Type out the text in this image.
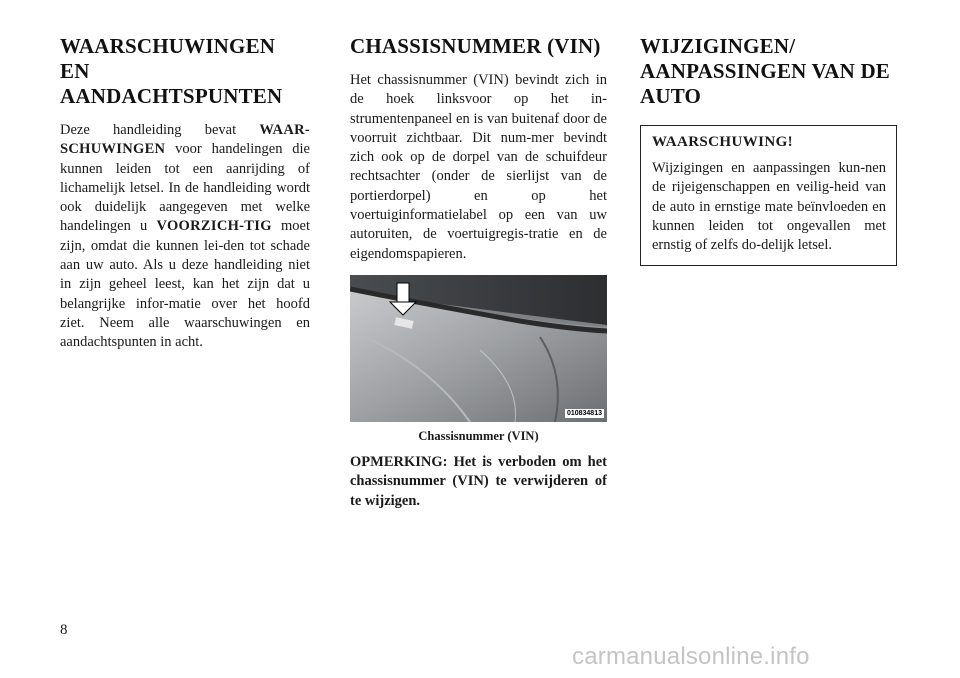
WAARSCHUWINGEN EN
AANDACHTSPUNTEN

Deze handleiding bevat WAAR-SCHUWINGEN voor handelingen die kunnen leiden tot een aanrijding of lichamelijk letsel. In de handleiding wordt ook duidelijk aangegeven met welke handelingen u VOORZICH-TIG moet zijn, omdat die kunnen lei-den tot schade aan uw auto. Als u deze handleiding niet in zijn geheel leest, kan het zijn dat u belangrijke infor-matie over het hoofd ziet. Neem alle waarschuwingen en aandachtspunten in acht.

CHASSISNUMMER (VIN)

Het chassisnummer (VIN) bevindt zich in de hoek linksvoor op het in-strumentenpaneel en is van buitenaf door de voorruit zichtbaar. Dit num-mer bevindt zich ook op de dorpel van de schuifdeur rechtsachter (onder de sierlijst van de portierdorpel) en op het voertuiginformatielabel op een van uw autoruiten, de voertuigregis-tratie en de eigendomspapieren.

010834813
Chassisnummer (VIN)
OPMERKING: Het is verboden om het chassisnummer (VIN) te verwijderen of te wijzigen.
WIJZIGINGEN/
AANPASSINGEN VAN DE
AUTO
WAARSCHUWING!

Wijzigingen en aanpassingen kun-nen de rijeigenschappen en veilig-heid van de auto in ernstige mate beïnvloeden en kunnen leiden tot ongevallen met ernstig of zelfs do-delijk letsel.

8
carmanualsonline.info
